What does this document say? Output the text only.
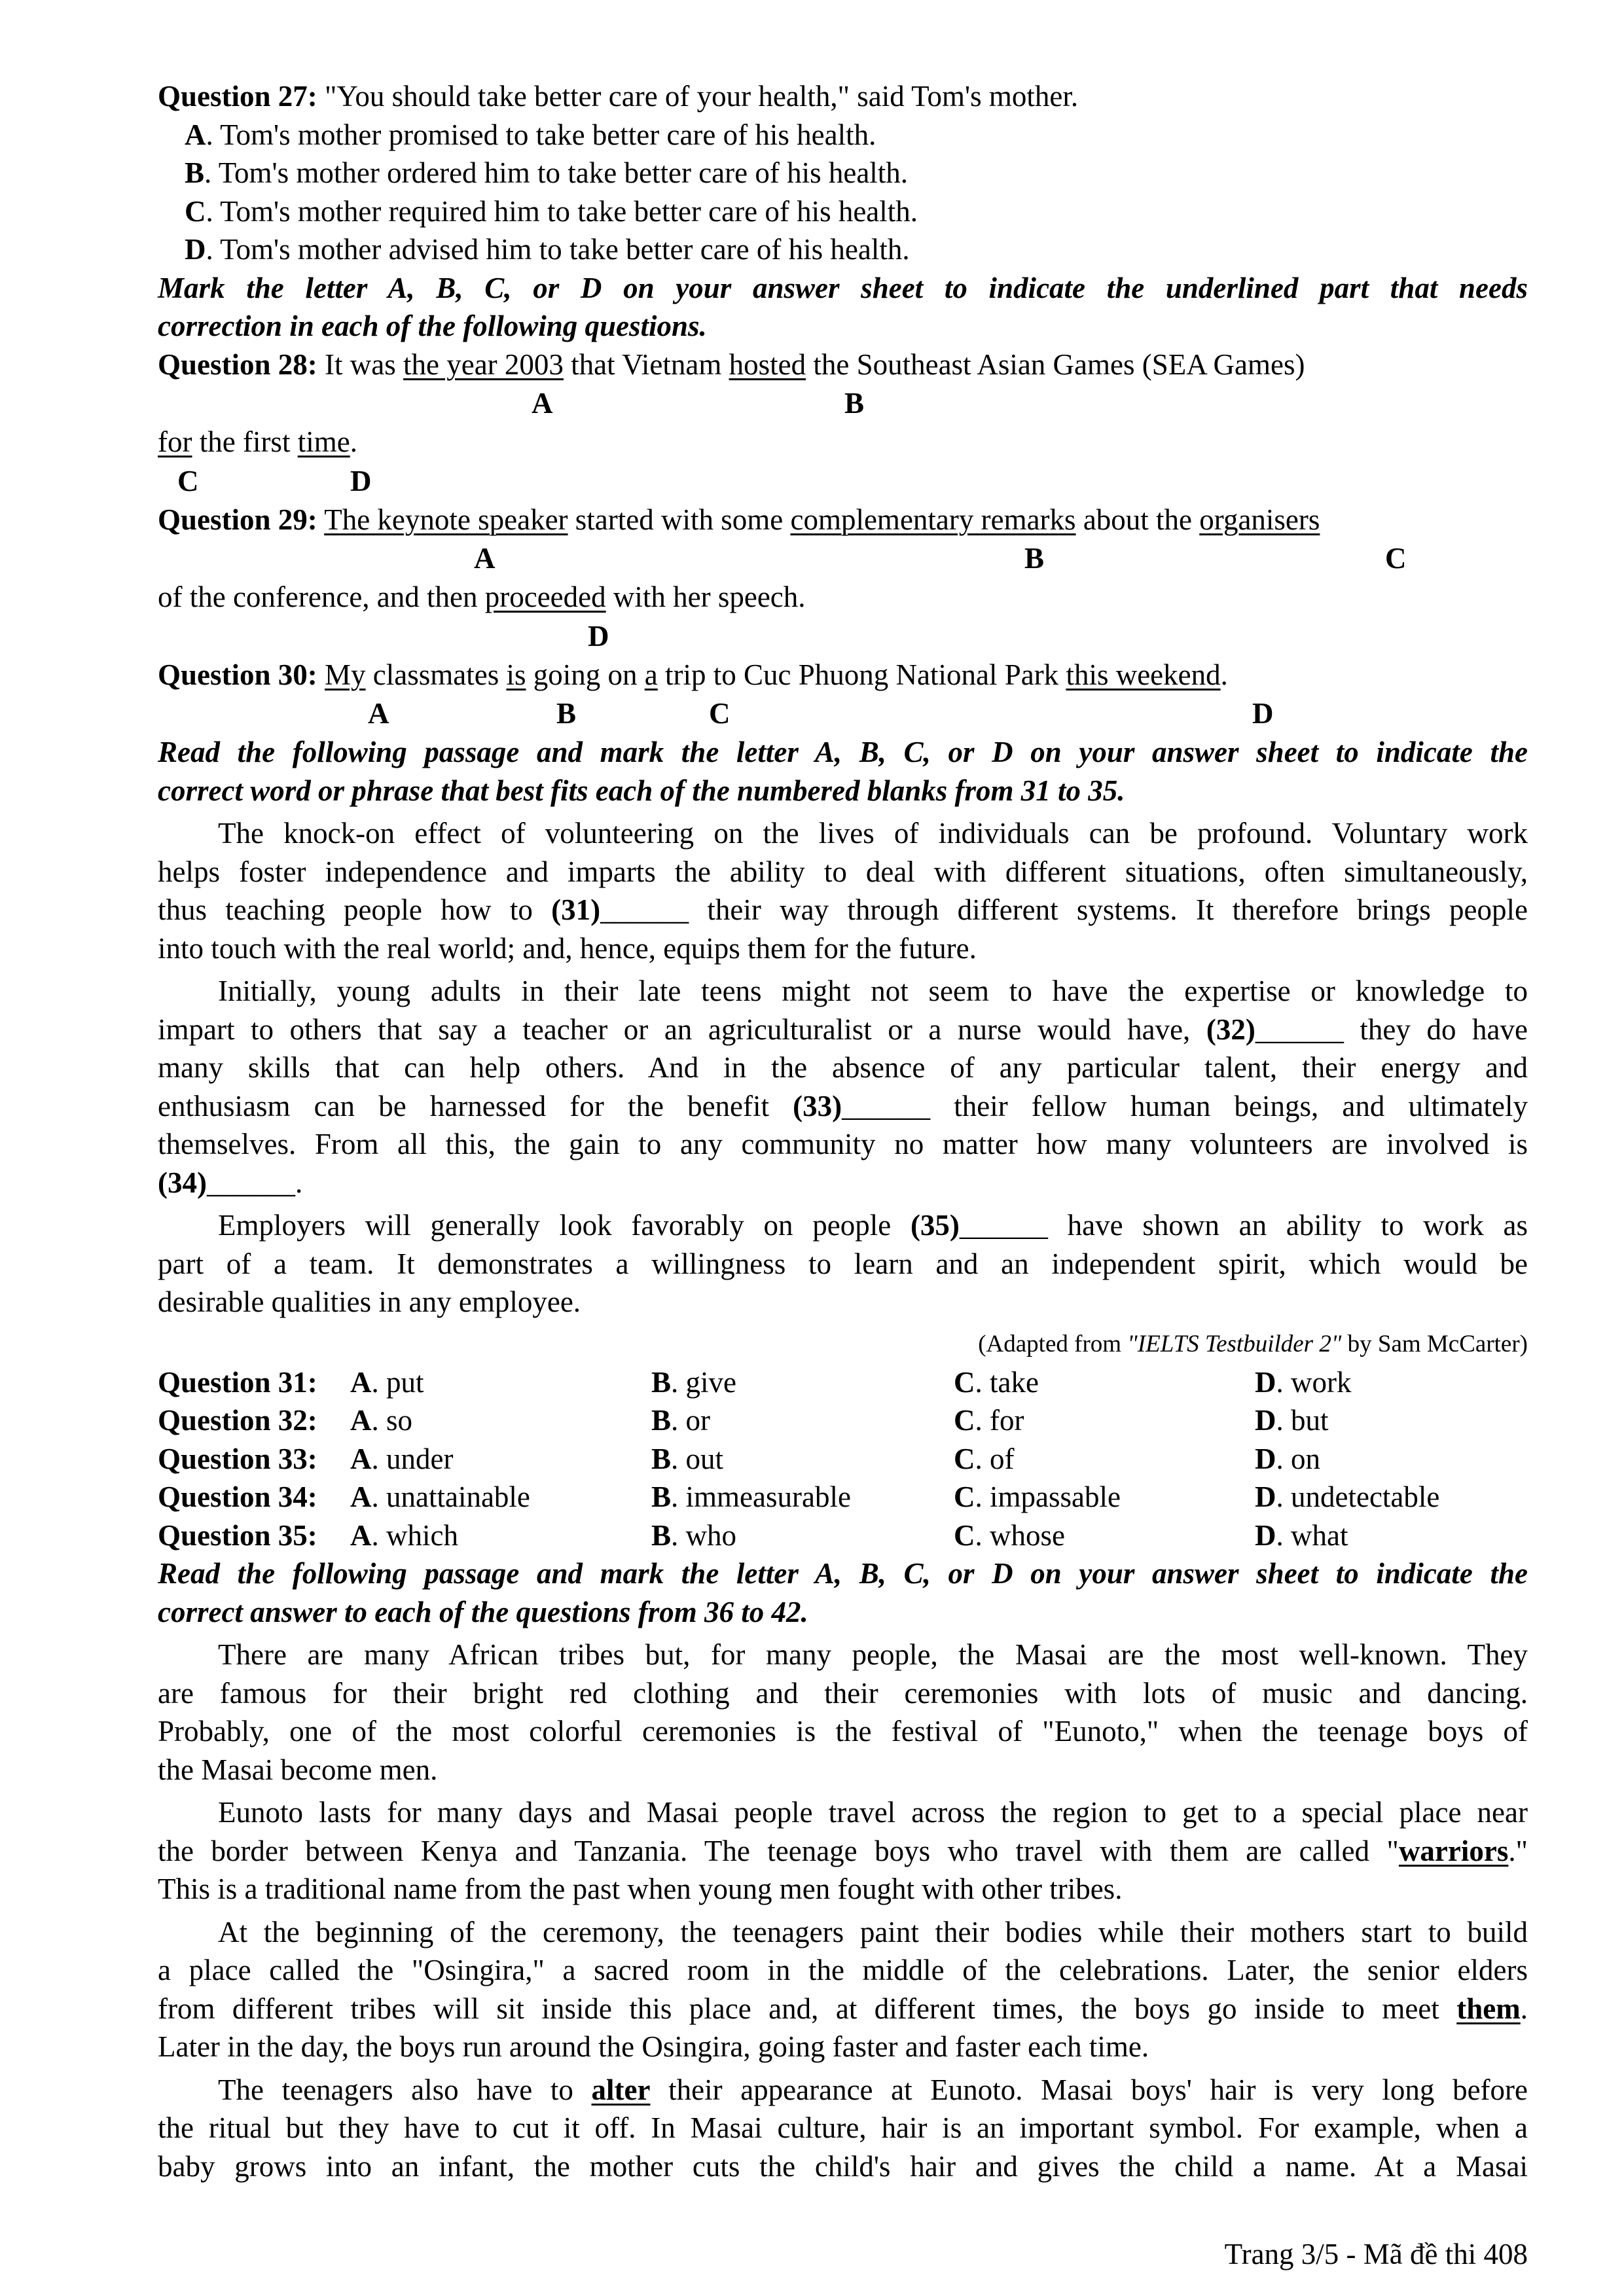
Question 27: "You should take better care of your health," said Tom's mother.
A. Tom's mother promised to take better care of his health.
B. Tom's mother ordered him to take better care of his health.
C. Tom's mother required him to take better care of his health.
D. Tom's mother advised him to take better care of his health.
Mark the letter A, B, C, or D on your answer sheet to indicate the underlined part that needs
correction in each of the following questions.
Question 28: It was the year 2003 that Vietnam hosted the Southeast Asian Games (SEA Games)
A	B
for the first time.
C	D
Question 29: The keynote speaker started with some complementary remarks about the organisers
A	B	C
of the conference, and then proceeded with her speech.
D
Question 30: My classmates is going on a trip to Cuc Phuong National Park this weekend.
A	B	C	D
Read the following passage and mark the letter A, B, C, or D on your answer sheet to indicate the
correct word or phrase that best fits each of the numbered blanks from 31 to 35.
The knock-on effect of volunteering on the lives of individuals can be profound. Voluntary work
helps foster independence and imparts the ability to deal with different situations, often simultaneously,
thus teaching people how to (31)______ their way through different systems. It therefore brings people
into touch with the real world; and, hence, equips them for the future.
Initially, young adults in their late teens might not seem to have the expertise or knowledge to
impart to others that say a teacher or an agriculturalist or a nurse would have, (32)______ they do have
many skills that can help others. And in the absence of any particular talent, their energy and
enthusiasm can be harnessed for the benefit (33)______ their fellow human beings, and ultimately
themselves. From all this, the gain to any community no matter how many volunteers are involved is
(34)______.
Employers will generally look favorably on people (35)______ have shown an ability to work as
part of a team. It demonstrates a willingness to learn and an independent spirit, which would be
desirable qualities in any employee.
(Adapted from "IELTS Testbuilder 2" by Sam McCarter)
Question 31: A. put	B. give	C. take	D. work
Question 32: A. so	B. or	C. for	D. but
Question 33: A. under	B. out	C. of	D. on
Question 34: A. unattainable	B. immeasurable	C. impassable	D. undetectable
Question 35: A. which	B. who	C. whose	D. what
Read the following passage and mark the letter A, B, C, or D on your answer sheet to indicate the
correct answer to each of the questions from 36 to 42.
There are many African tribes but, for many people, the Masai are the most well-known. They
are famous for their bright red clothing and their ceremonies with lots of music and dancing.
Probably, one of the most colorful ceremonies is the festival of "Eunoto," when the teenage boys of
the Masai become men.
Eunoto lasts for many days and Masai people travel across the region to get to a special place near
the border between Kenya and Tanzania. The teenage boys who travel with them are called "warriors."
This is a traditional name from the past when young men fought with other tribes.
At the beginning of the ceremony, the teenagers paint their bodies while their mothers start to build
a place called the "Osingira," a sacred room in the middle of the celebrations. Later, the senior elders
from different tribes will sit inside this place and, at different times, the boys go inside to meet them.
Later in the day, the boys run around the Osingira, going faster and faster each time.
The teenagers also have to alter their appearance at Eunoto. Masai boys' hair is very long before
the ritual but they have to cut it off. In Masai culture, hair is an important symbol. For example, when a
baby grows into an infant, the mother cuts the child's hair and gives the child a name. At a Masai
Trang 3/5 - Mã đề thi 408
